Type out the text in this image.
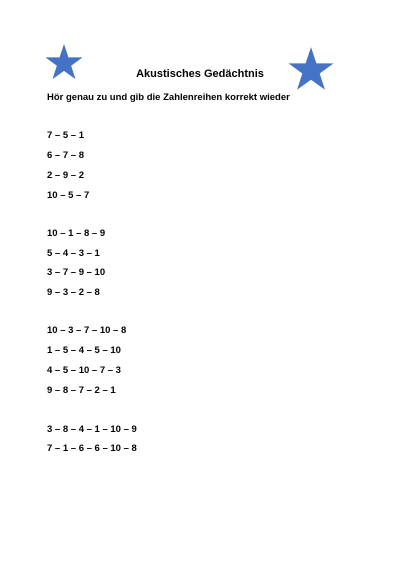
Akustisches Gedächtnis
Hör genau zu und gib die Zahlenreihen korrekt wieder
7 – 5 – 1
6 – 7 – 8
2 – 9 – 2
10 – 5 – 7
10 – 1 – 8 – 9
5 – 4 – 3 – 1
3 – 7 – 9 – 10
9 – 3 – 2 – 8
10 – 3 – 7 – 10 – 8
1 – 5 – 4 – 5 – 10
4 – 5 – 10 – 7 – 3
9 – 8 – 7 – 2 – 1
3 – 8 – 4 – 1 – 10 – 9
7 – 1 – 6 – 6 – 10 – 8
